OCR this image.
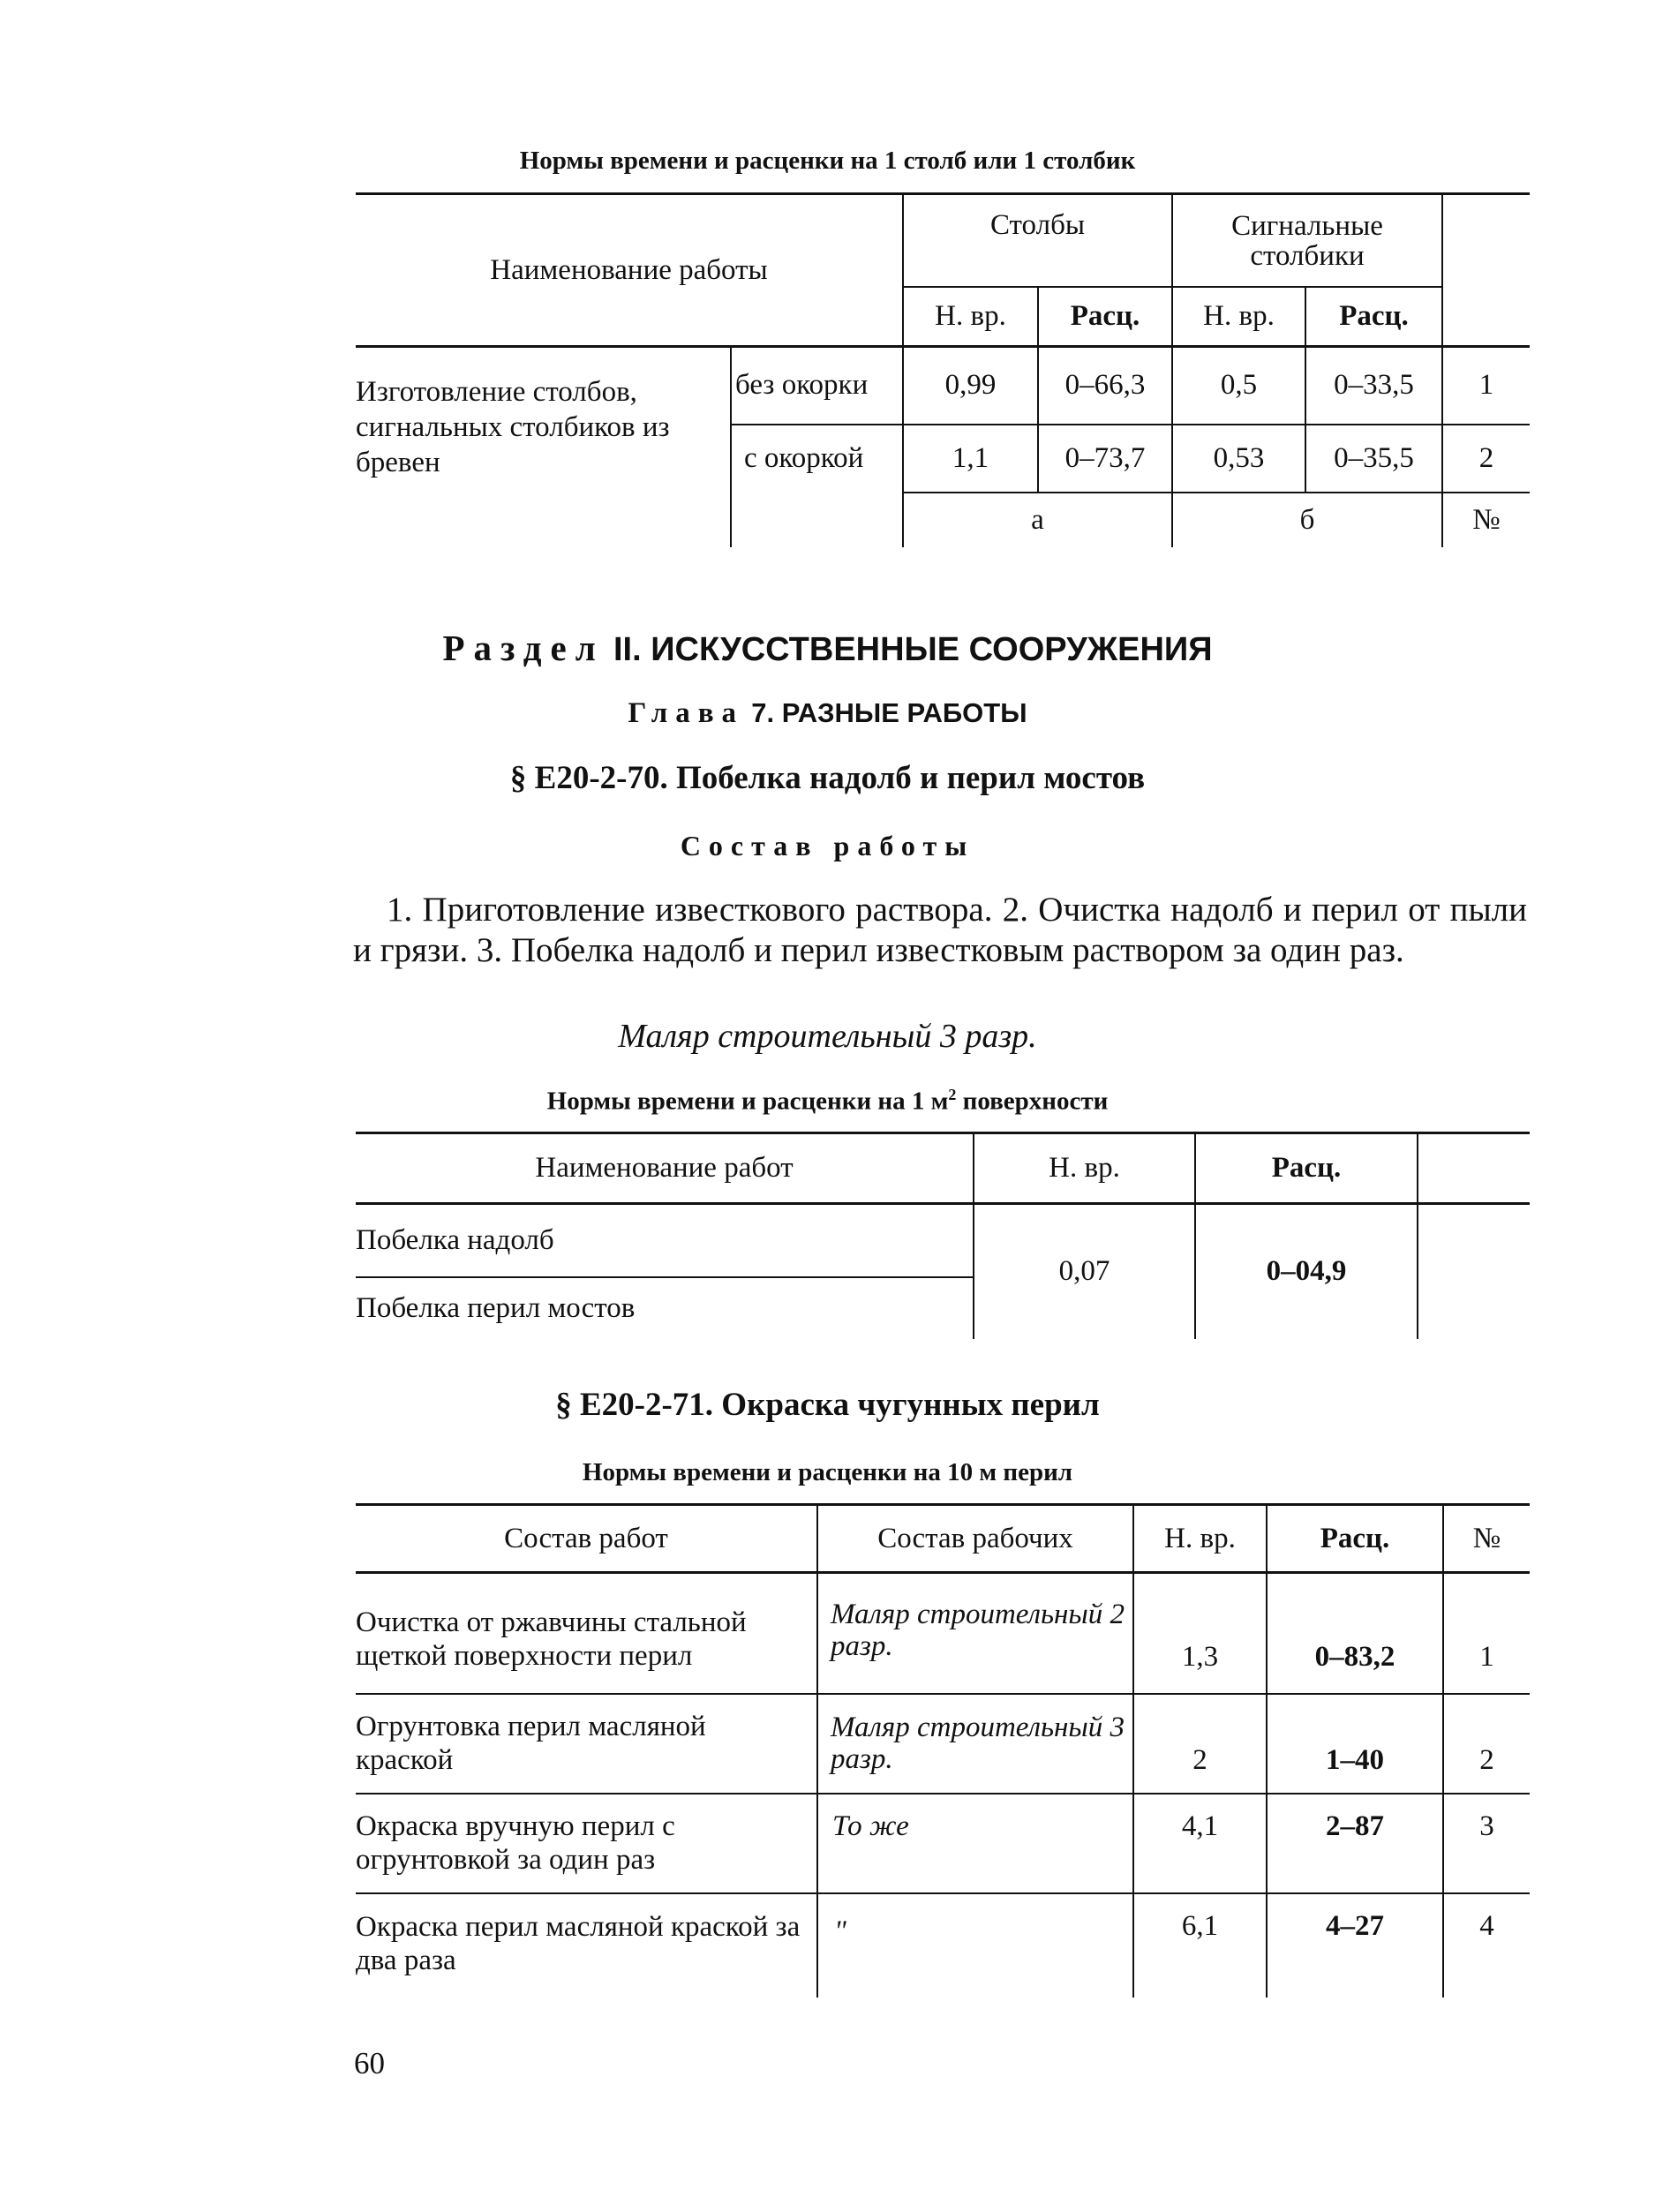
Нормы времени и расценки на 1 столб или 1 столбик
Наименование работы		Столбы		Сигнальные столбики		
		Н. вр.	Расц.	Н. вр.	Расц.	

Изготовление столбов, сигнальных столбиков из бревен	без окорки	0,99	0–66,3	0,5	0–33,5	1
	с окоркой	1,1	0–73,7	0,53	0–35,5	2
		а		б		№
Раздел II. ИСКУССТВЕННЫЕ СООРУЖЕНИЯ
Глава 7. РАЗНЫЕ РАБОТЫ
§ Е20-2-70. Побелка надолб и перил мостов
Состав работы
1. Приготовление известкового раствора. 2. Очистка надолб и перил от пыли и грязи. 3. Побелка надолб и перил известковым раствором за один раз.
Маляр строительный 3 разр.
Нормы времени и расценки на 1 $м^2$ поверхности
Наименование работ	Н. вр.	Расц.	
Побелка надолб	0,07	0–04,9	
Побелка перил мостов			
§ Е20-2-71. Окраска чугунных перил
Нормы времени и расценки на 10 м перил
Состав работ	Состав рабочих	Н. вр.	Расц.	№
Очистка от ржавчины стальной щеткой поверхности перил	Маляр строительный 2 разр.	1,3	0–83,2	1
Огрунтовка перил масляной краской	Маляр строительный 3 разр.	2	1–40	2
Окраска вручную перил с огрунтовкой за один раз	То же	4,1	2–87	3
Окраска перил масляной краской за два раза	"	6,1	4–27	4
60
